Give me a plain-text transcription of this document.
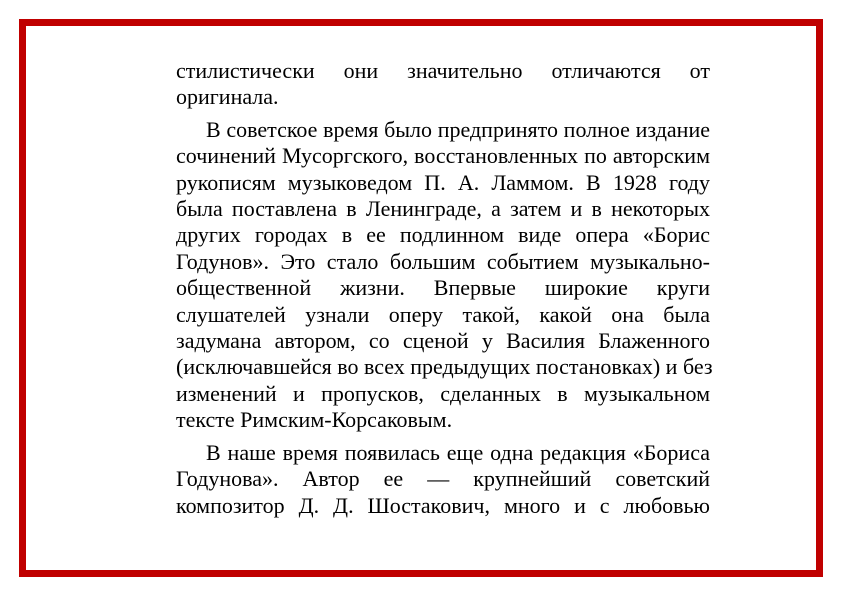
стилистически они значительно отличаются от
оригинала.

В советское время было предпринято полное издание
сочинений Мусоргского, восстановленных по авторским
рукописям музыковедом П. А. Ламмом. В 1928 году
была поставлена в Ленинграде, а затем и в некоторых
других городах в ее подлинном виде опера «Борис
Годунов». Это стало большим событием музыкально-
общественной жизни. Впервые широкие круги
слушателей узнали оперу такой, какой она была
задумана автором, со сценой у Василия Блаженного
(исключавшейся во всех предыдущих постановках) и без
изменений и пропусков, сделанных в музыкальном
тексте Римским-Корсаковым.

В наше время появилась еще одна редакция «Бориса
Годунова». Автор ее — крупнейший советский
композитор Д. Д. Шостакович, много и с любовью
